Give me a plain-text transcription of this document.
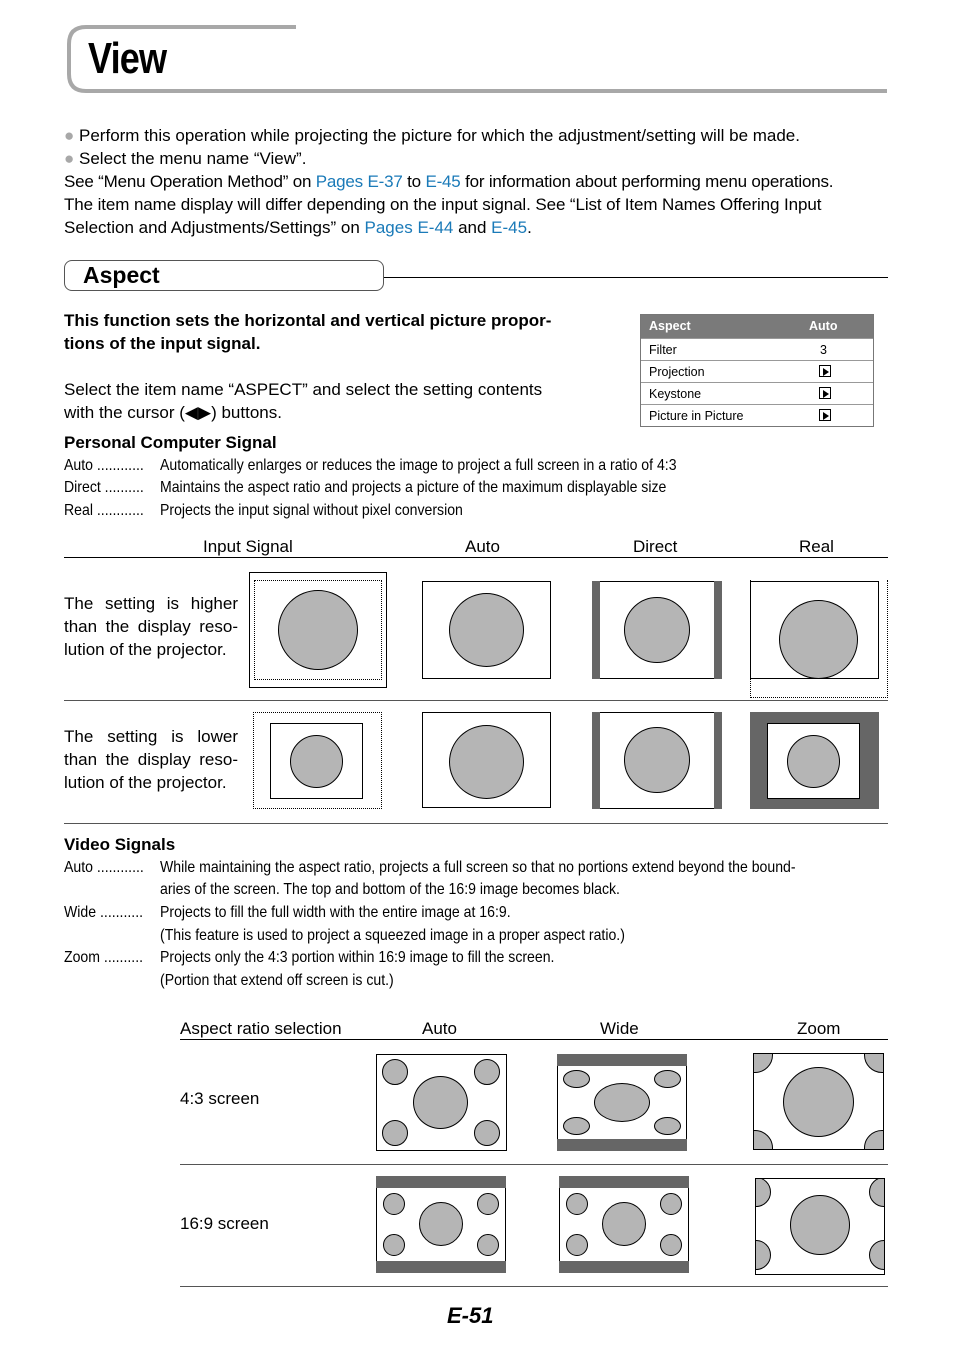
View
● Perform this operation while projecting the picture for which the adjustment/setting will be made.
● Select the menu name “View”.
See “Menu Operation Method” on Pages E-37 to E-45 for information about performing menu operations.
The item name display will differ depending on the input signal. See “List of Item Names Offering Input
Selection and Adjustments/Settings” on Pages E-44 and E-45.
Aspect
This function sets the horizontal and vertical picture propor-
tions of the input signal.
Select the item name “ASPECT” and select the setting contents
with the cursor (◀▶) buttons.
Aspect	Auto
Filter	3
Projection
Keystone
Picture in Picture
Personal Computer Signal
Auto ............ Automatically enlarges or reduces the image to project a full screen in a ratio of 4:3
Direct .......... Maintains the aspect ratio and projects a picture of the maximum displayable size
Real ............ Projects the input signal without pixel conversion
Input Signal	Auto	Direct	Real
The setting is higher
than the display reso-
lution of the projector.
The setting is lower
than the display reso-
lution of the projector.
Video Signals
Auto ............ While maintaining the aspect ratio, projects a full screen so that no portions extend beyond the bound-
aries of the screen. The top and bottom of the 16:9 image becomes black.
Wide ........... Projects to fill the full width with the entire image at 16:9.
(This feature is used to project a squeezed image in a proper aspect ratio.)
Zoom .......... Projects only the 4:3 portion within 16:9 image to fill the screen.
(Portion that extend off screen is cut.)
Aspect ratio selection	Auto	Wide	Zoom
4:3 screen
16:9 screen
E-51
